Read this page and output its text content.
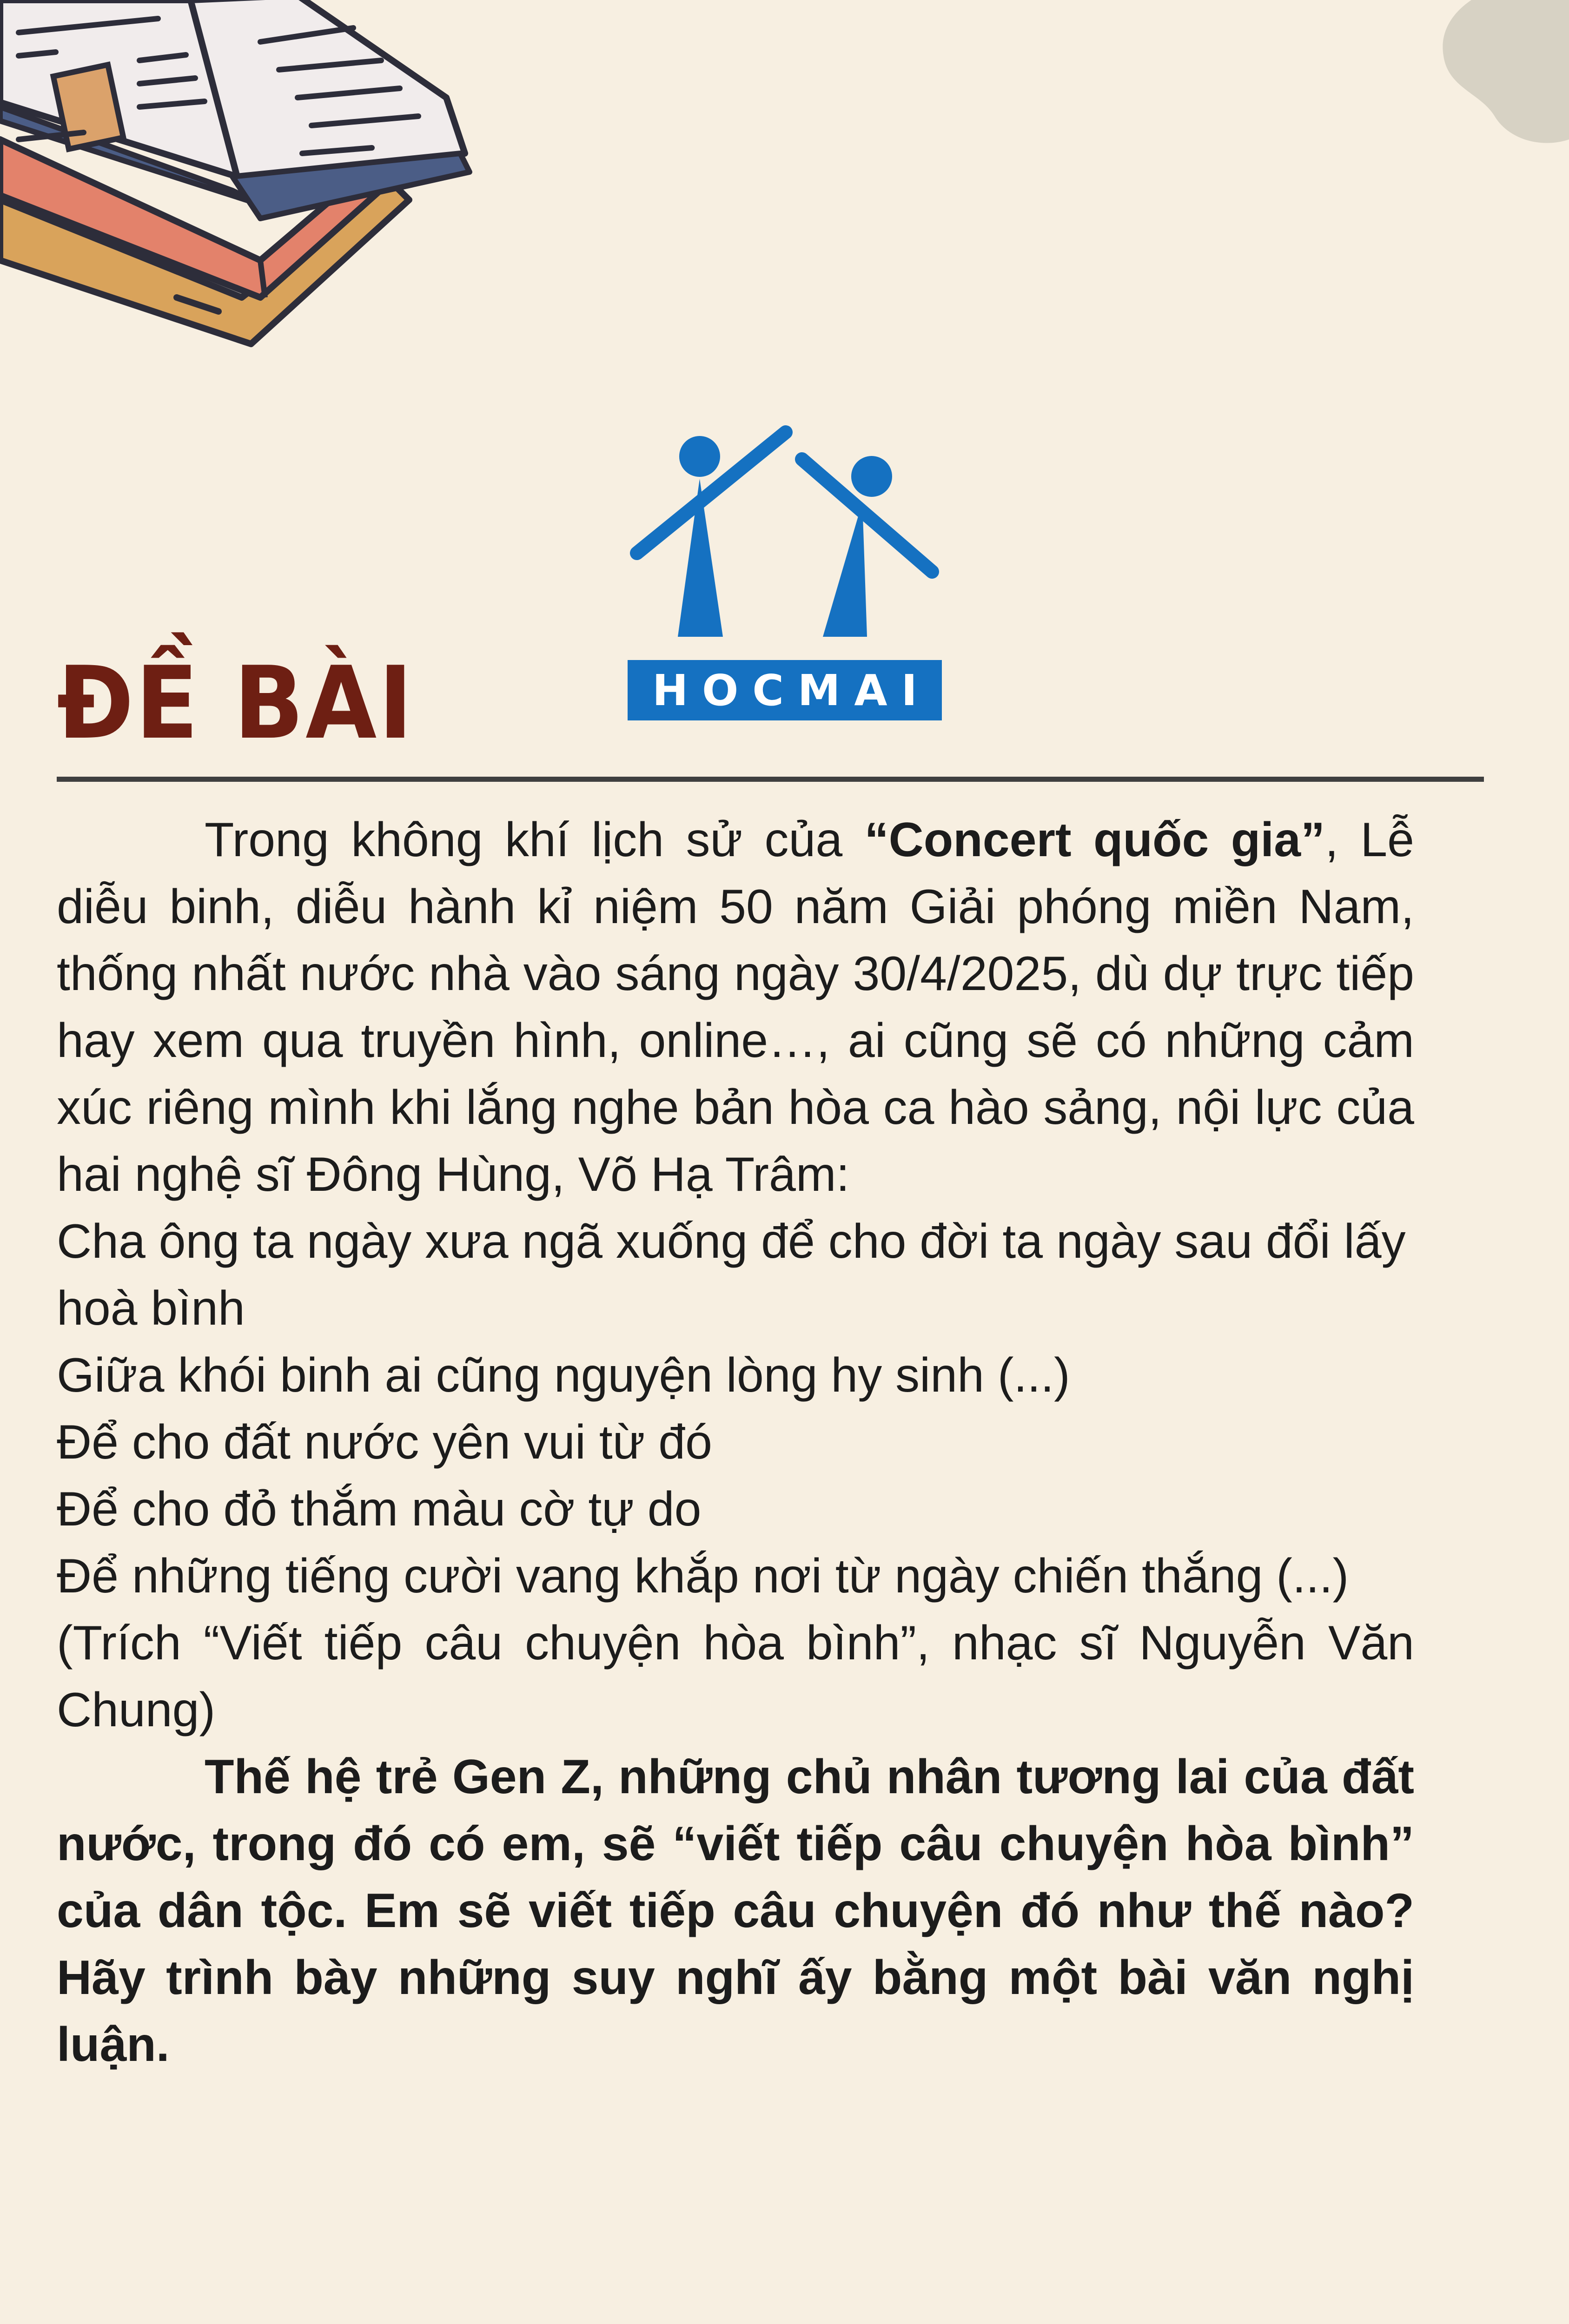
HOCMAI
ĐỀ BÀI

Trong không khí lịch sử của “Concert quốc gia”, Lễ diễu binh, diễu hành kỉ niệm 50 năm Giải phóng miền Nam, thống nhất nước nhà vào sáng ngày 30/4/2025, dù dự trực tiếp hay xem qua truyền hình, online…, ai cũng sẽ có những cảm xúc riêng mình khi lắng nghe bản hòa ca hào sảng, nội lực của hai nghệ sĩ Đông Hùng, Võ Hạ Trâm:

Cha ông ta ngày xưa ngã xuống để cho đời ta ngày sau đổi lấy hoà bình

Giữa khói binh ai cũng nguyện lòng hy sinh (...)

Để cho đất nước yên vui từ đó

Để cho đỏ thắm màu cờ tự do

Để những tiếng cười vang khắp nơi từ ngày chiến thắng (...)

(Trích “Viết tiếp câu chuyện hòa bình”, nhạc sĩ Nguyễn Văn Chung)

Thế hệ trẻ Gen Z, những chủ nhân tương lai của đất nước, trong đó có em, sẽ “viết tiếp câu chuyện hòa bình” của dân tộc. Em sẽ viết tiếp câu chuyện đó như thế nào? Hãy trình bày những suy nghĩ ấy bằng một bài văn nghị luận.
